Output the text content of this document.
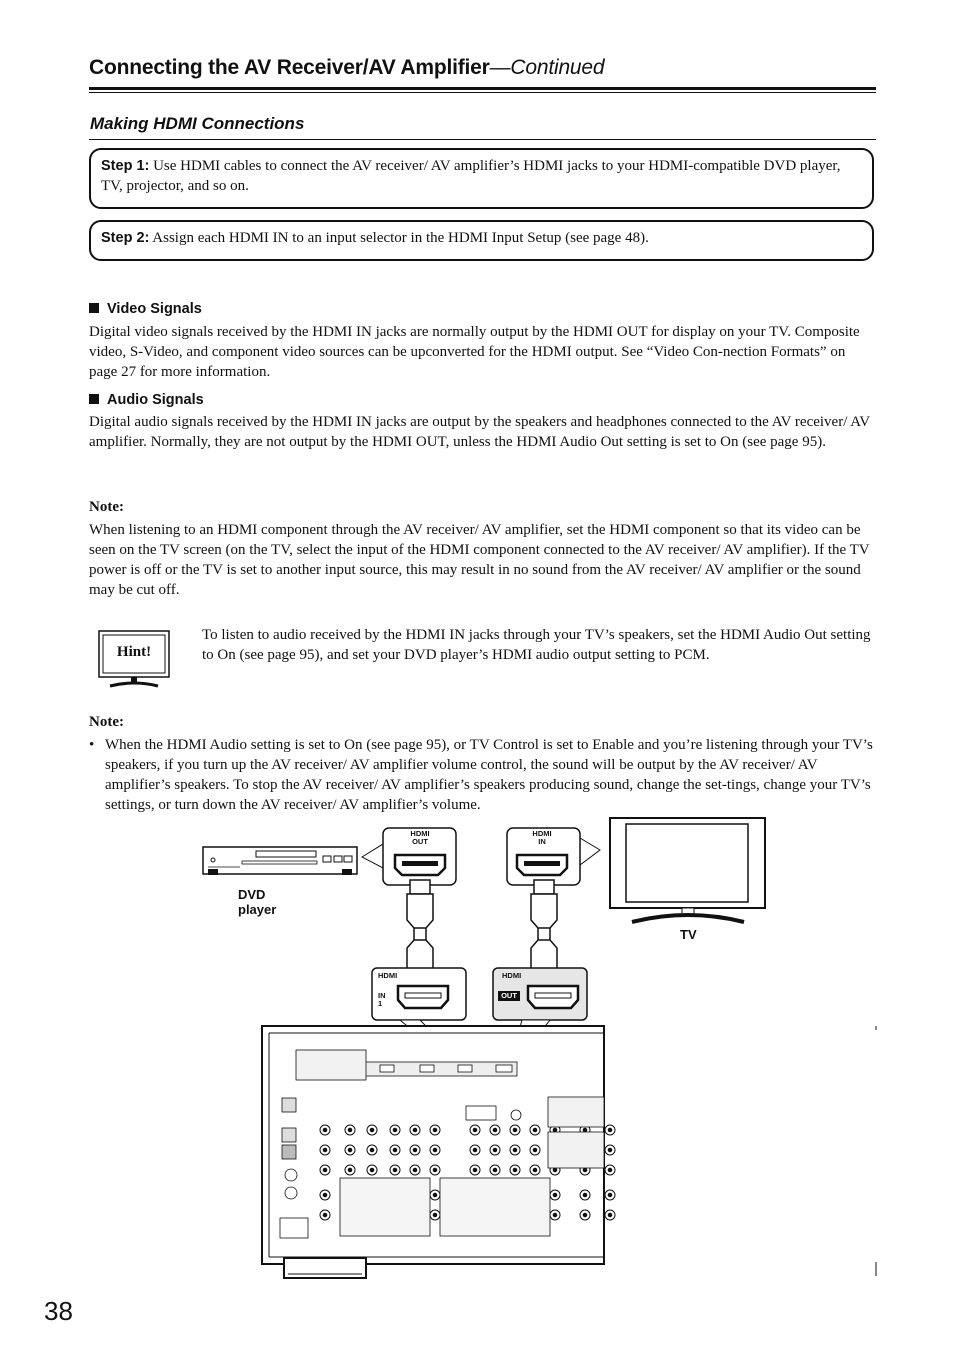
Connecting the AV Receiver/AV Amplifier—Continued
Making HDMI Connections
Step 1: Use HDMI cables to connect the AV receiver/ AV amplifier’s HDMI jacks to your HDMI-compatible DVD player, TV, projector, and so on.
Step 2: Assign each HDMI IN to an input selector in the HDMI Input Setup (see page 48).
Video Signals
Digital video signals received by the HDMI IN jacks are normally output by the HDMI OUT for display on your TV. Composite video, S-Video, and component video sources can be upconverted for the HDMI output. See “Video Con-nection Formats” on page 27 for more information.
Audio Signals
Digital audio signals received by the HDMI IN jacks are output by the speakers and headphones connected to the AV receiver/ AV amplifier. Normally, they are not output by the HDMI OUT, unless the HDMI Audio Out setting is set to On (see page 95).
Note:
When listening to an HDMI component through the AV receiver/ AV amplifier, set the HDMI component so that its video can be seen on the TV screen (on the TV, select the input of the HDMI component connected to the AV receiver/ AV amplifier). If the TV power is off or the TV is set to another input source, this may result in no sound from the AV receiver/ AV amplifier or the sound may be cut off.
Hint!
To listen to audio received by the HDMI IN jacks through your TV’s speakers, set the HDMI Audio Out setting to On (see page 95), and set your DVD player’s HDMI audio output setting to PCM.
Note:
• When the HDMI Audio setting is set to On (see page 95), or TV Control is set to Enable and you’re listening through your TV’s speakers, if you turn up the AV receiver/ AV amplifier volume control, the sound will be output by the AV receiver/ AV amplifier’s speakers. To stop the AV receiver/ AV amplifier’s speakers producing sound, change the set-tings, change your TV’s settings, or turn down the AV receiver/ AV amplifier’s volume.
DVD player
TV
HDMI
OUT
HDMI
IN
HDMI
IN 1
HDMI
OUT
38
